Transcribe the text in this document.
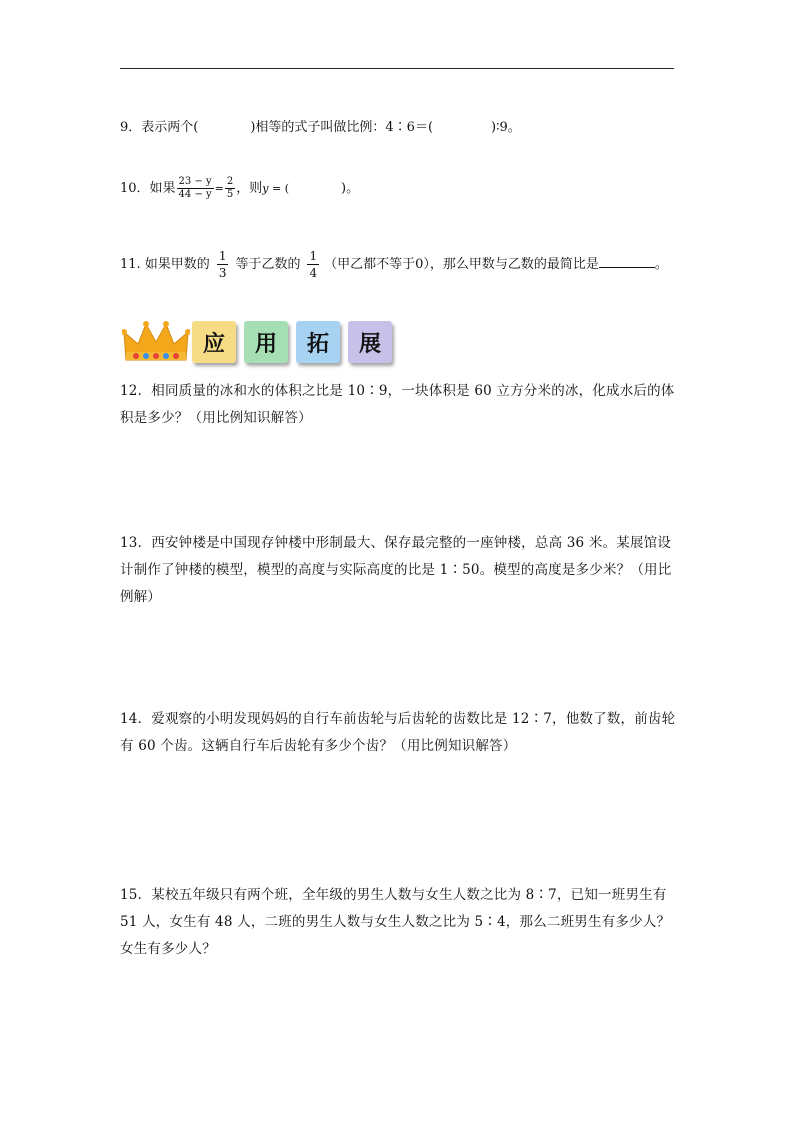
9．表示两个(	)相等的式子叫做比例：4∶6＝(	)∶9。
10．如果 $\frac{23 - y}{44 - y} = \frac{2}{5}$ ，则y = (	)。
11. 如果甲数的 $\frac{1}{3}$ 等于乙数的 $\frac{1}{4}$ （甲乙都不等于0），那么甲数与乙数的最简比是	。
应 用 拓 展
12．相同质量的冰和水的体积之比是 10∶9，一块体积是 60 立方分米的冰，化成水后的体积是多少？（用比例知识解答）
13．西安钟楼是中国现存钟楼中形制最大、保存最完整的一座钟楼，总高 36 米。某展馆设计制作了钟楼的模型，模型的高度与实际高度的比是 1∶50。模型的高度是多少米？（用比例解）
14．爱观察的小明发现妈妈的自行车前齿轮与后齿轮的齿数比是 12∶7，他数了数，前齿轮有 60 个齿。这辆自行车后齿轮有多少个齿？（用比例知识解答）
15．某校五年级只有两个班，全年级的男生人数与女生人数之比为 8∶7，已知一班男生有 51 人，女生有 48 人，二班的男生人数与女生人数之比为 5∶4，那么二班男生有多少人？女生有多少人？
